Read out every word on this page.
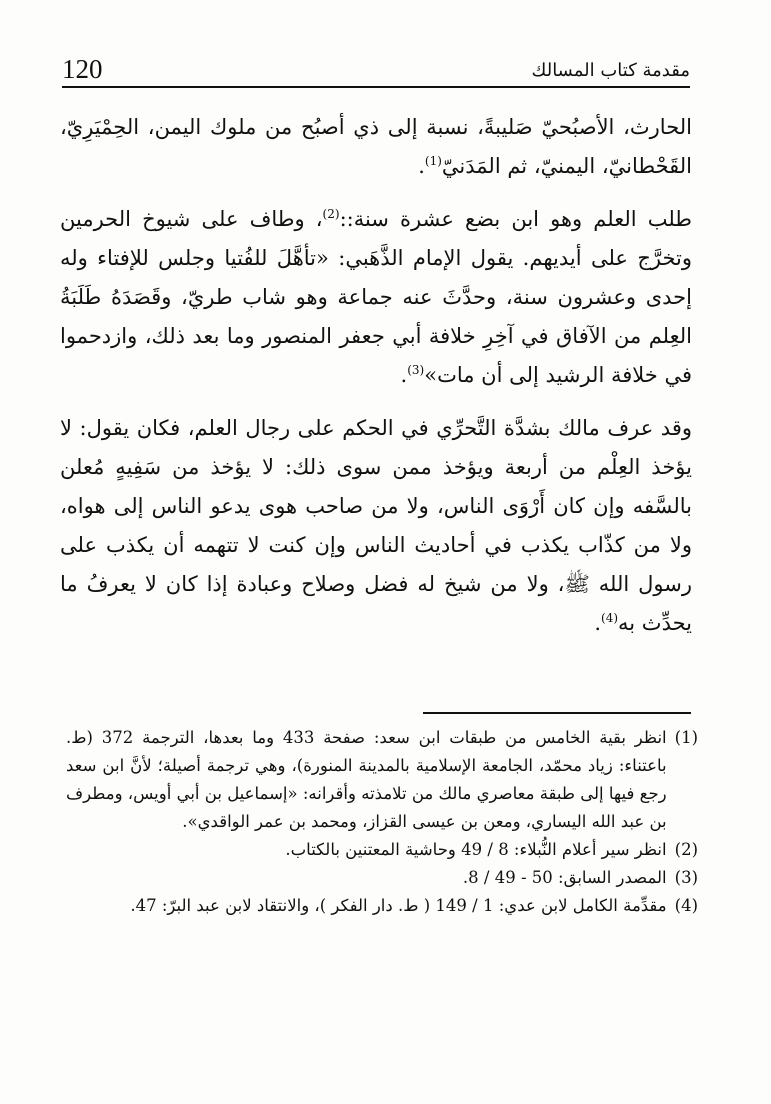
120	مقدمة كتاب المسالك

الحارث، الأصبُحيّ صَليبةً، نسبة إلى ذي أصبُح من ملوك اليمن، الحِمْيَرِيّ، القَحْطانيّ، اليمنيّ، ثم المَدَنيّ$^{(1)}$.

طلب العلم وهو ابن بضع عشرة سنة::$^{(2)}$، وطاف على شيوخ الحرمين وتخرَّج على أيديهم. يقول الإمام الذَّهَبي: «تأهَّلَ للفُتيا وجلس للإفتاء وله إحدى وعشرون سنة، وحدَّثَ عنه جماعة وهو شاب طريّ، وقَصَدَهُ طَلَبَةُ العِلم من الآفاق في آخِرِ خلافة أبي جعفر المنصور وما بعد ذلك، وازدحموا في خلافة الرشيد إلى أن مات»$^{(3)}$.

وقد عرف مالك بشدَّة التَّحرِّي في الحكم على رجال العلم، فكان يقول: لا يؤخذ العِلْم من أربعة ويؤخذ ممن سوى ذلك: لا يؤخذ من سَفِيهٍ مُعلن بالسَّفه وإن كان أَرْوَى الناس، ولا من صاحب هوى يدعو الناس إلى هواه، ولا من كذّاب يكذب في أحاديث الناس وإن كنت لا تتهمه أن يكذب على رسول الله ﷺ، ولا من شيخ له فضل وصلاح وعبادة إذا كان لا يعرفُ ما يحدِّث به$^{(4)}$.

(1)
انظر بقية الخامس من طبقات ابن سعد: صفحة 433 وما بعدها، الترجمة 372 (ط. باعتناء: زياد محمّد، الجامعة الإسلامية بالمدينة المنورة)، وهي ترجمة أصيلة؛ لأنَّ ابن سعد رجع فيها إلى طبقة معاصري مالك من تلامذته وأقرانه: «إسماعيل بن أبي أويس، ومطرف بن عبد الله اليساري، ومعن بن عيسى القزاز، ومحمد بن عمر الواقدي».
(2)
انظر سير أعلام النُّبلاء: 8 / 49 وحاشية المعتنين بالكتاب.
(3)
المصدر السابق: 8 / 49 - 50.
(4)
مقدِّمة الكامل لابن عدي: 1 / 149 ( ط. دار الفكر )، والانتقاد لابن عبد البرّ: 47.
